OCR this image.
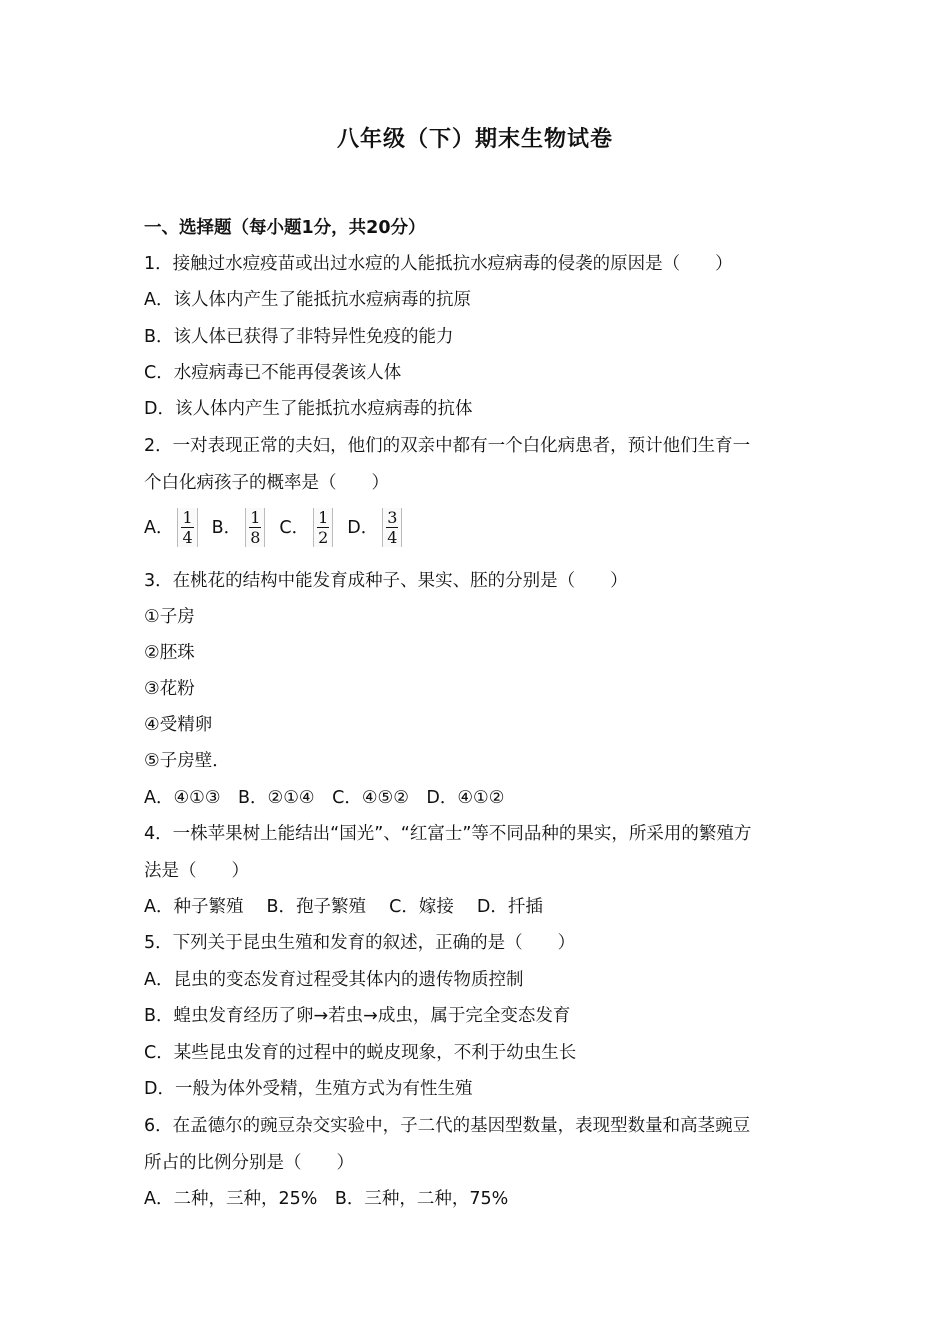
八年级（下）期末生物试卷
一、选择题（每小题1分，共20分）
1．接触过水痘疫苗或出过水痘的人能抵抗水痘病毒的侵袭的原因是（　　）
A．该人体内产生了能抵抗水痘病毒的抗原
B．该人体已获得了非特异性免疫的能力
C．水痘病毒已不能再侵袭该人体
D．该人体内产生了能抵抗水痘病毒的抗体
2．一对表现正常的夫妇，他们的双亲中都有一个白化病患者，预计他们生育一
个白化病孩子的概率是（　　）
A． $\frac{1}{4}$ B． $\frac{1}{8}$ C． $\frac{1}{2}$ D． $\frac{3}{4}$
3．在桃花的结构中能发育成种子、果实、胚的分别是（　　）
①子房
②胚珠
③花粉
④受精卵
⑤子房壁．
A．④①③　B．②①④　C．④⑤②　D．④①②
4．一株苹果树上能结出“国光”、“红富士”等不同品种的果实，所采用的繁殖方
法是（　　）
A．种子繁殖　 B．孢子繁殖　 C．嫁接　 D．扦插
5．下列关于昆虫生殖和发育的叙述，正确的是（　　）
A．昆虫的变态发育过程受其体内的遗传物质控制
B．蝗虫发育经历了卵→若虫→成虫，属于完全变态发育
C．某些昆虫发育的过程中的蜕皮现象，不利于幼虫生长
D．一般为体外受精，生殖方式为有性生殖
6．在孟德尔的豌豆杂交实验中，子二代的基因型数量，表现型数量和高茎豌豆
所占的比例分别是（　　）
A．二种，三种，25%　B．三种，二种，75%
